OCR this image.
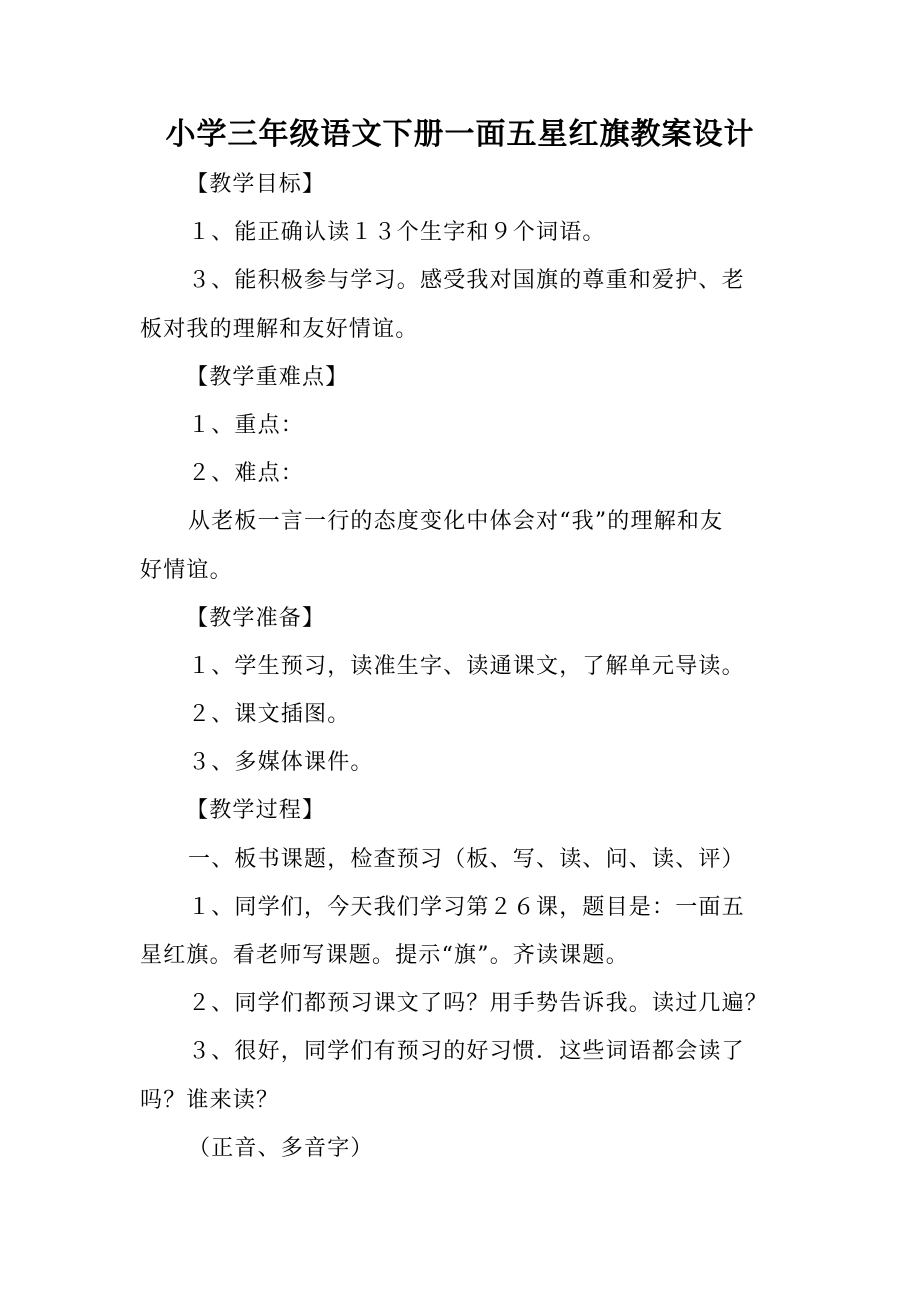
小学三年级语文下册一面五星红旗教案设计
【教学目标】
１、能正确认读１３个生字和９个词语。
３、能积极参与学习。感受我对国旗的尊重和爱护、老
板对我的理解和友好情谊。
【教学重难点】
１、重点：
２、难点：
从老板一言一行的态度变化中体会对“我”的理解和友
好情谊。
【教学准备】
１、学生预习，读准生字、读通课文，了解单元导读。
２、课文插图。
３、多媒体课件。
【教学过程】
一、板书课题，检查预习（板、写、读、问、读、评）
１、同学们，今天我们学习第２６课，题目是：一面五
星红旗。看老师写课题。提示“旗”。齐读课题。
２、同学们都预习课文了吗？用手势告诉我。读过几遍？
３、很好，同学们有预习的好习惯．这些词语都会读了
吗？谁来读？
（正音、多音字）
